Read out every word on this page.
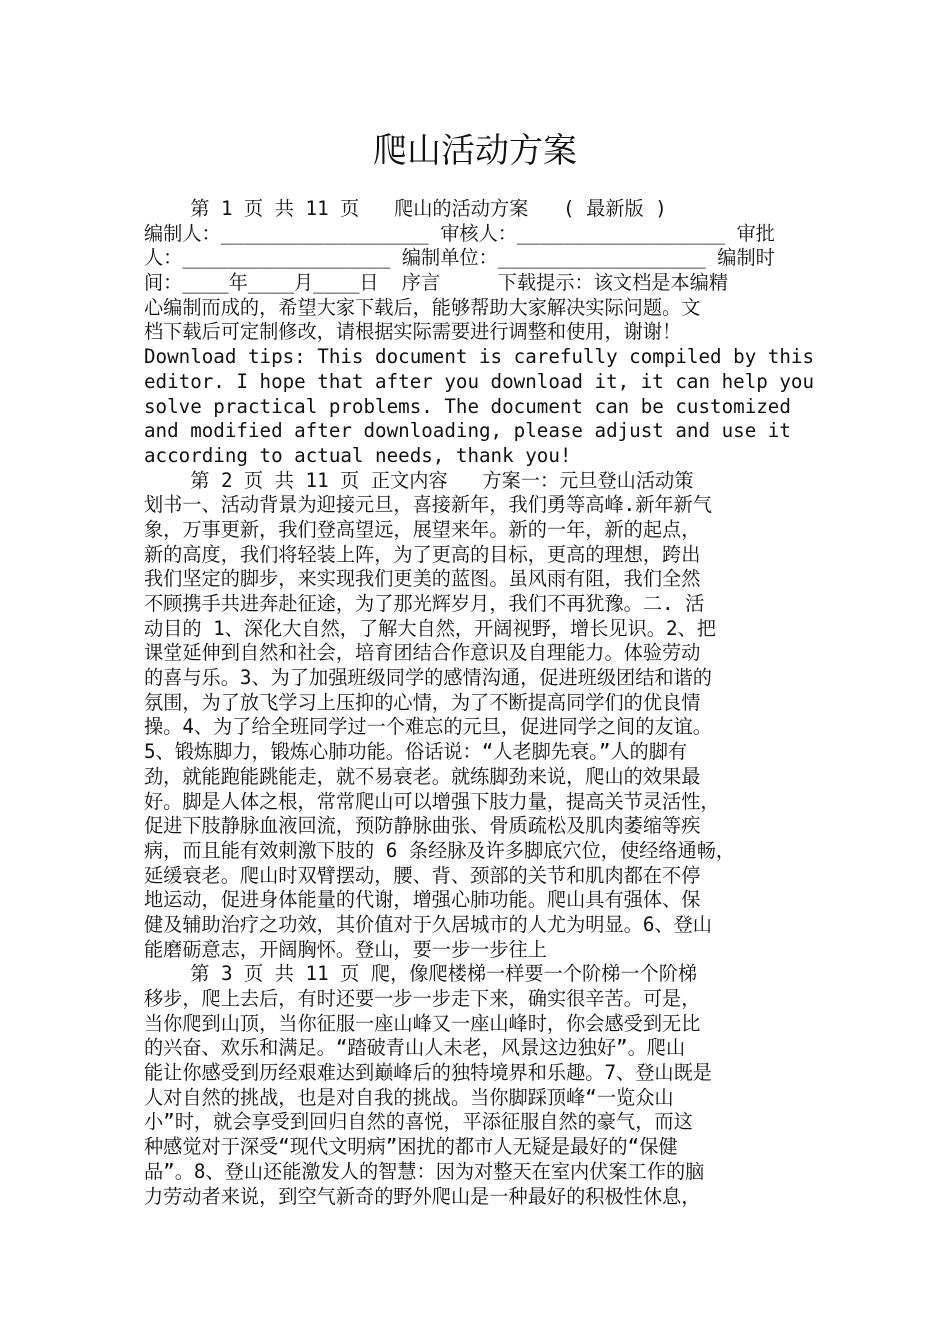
爬山活动方案
第 1 页 共 11 页   爬山的活动方案   ( 最新版 )
编制人：__________________ 审核人：__________________ 审批
人：__________________ 编制单位：__________________ 编制时
间：____年____月____日  序言     下载提示：该文档是本编精
心编制而成的，希望大家下载后，能够帮助大家解决实际问题。文
档下载后可定制修改，请根据实际需要进行调整和使用，谢谢！
Download tips: This document is carefully compiled by this
editor. I hope that after you download it, it can help you
solve practical problems. The document can be customized
and modified after downloading, please adjust and use it
according to actual needs, thank you!
第 2 页 共 11 页 正文内容   方案一：元旦登山活动策
划书一、活动背景为迎接元旦，喜接新年，我们勇等高峰.新年新气
象，万事更新，我们登高望远，展望来年。新的一年，新的起点，
新的高度，我们将轻装上阵，为了更高的目标，更高的理想，跨出
我们坚定的脚步，来实现我们更美的蓝图。虽风雨有阻，我们全然
不顾携手共进奔赴征途，为了那光辉岁月，我们不再犹豫。二. 活
动目的 1、深化大自然，了解大自然，开阔视野，增长见识。2、把
课堂延伸到自然和社会，培育团结合作意识及自理能力。体验劳动
的喜与乐。3、为了加强班级同学的感情沟通，促进班级团结和谐的
氛围，为了放飞学习上压抑的心情，为了不断提高同学们的优良情
操。4、为了给全班同学过一个难忘的元旦，促进同学之间的友谊。
5、锻炼脚力，锻炼心肺功能。俗话说：“人老脚先衰。”人的脚有
劲，就能跑能跳能走，就不易衰老。就练脚劲来说，爬山的效果最
好。脚是人体之根，常常爬山可以增强下肢力量，提高关节灵活性，
促进下肢静脉血液回流，预防静脉曲张、骨质疏松及肌肉萎缩等疾
病，而且能有效刺激下肢的 6 条经脉及许多脚底穴位，使经络通畅，
延缓衰老。爬山时双臂摆动，腰、背、颈部的关节和肌肉都在不停
地运动，促进身体能量的代谢，增强心肺功能。爬山具有强体、保
健及辅助治疗之功效，其价值对于久居城市的人尤为明显。6、登山
能磨砺意志，开阔胸怀。登山，要一步一步往上
第 3 页 共 11 页 爬，像爬楼梯一样要一个阶梯一个阶梯
移步，爬上去后，有时还要一步一步走下来，确实很辛苦。可是，
当你爬到山顶，当你征服一座山峰又一座山峰时，你会感受到无比
的兴奋、欢乐和满足。“踏破青山人未老，风景这边独好”。爬山
能让你感受到历经艰难达到巅峰后的独特境界和乐趣。7、登山既是
人对自然的挑战，也是对自我的挑战。当你脚踩顶峰“一览众山
小”时，就会享受到回归自然的喜悦，平添征服自然的豪气，而这
种感觉对于深受“现代文明病”困扰的都市人无疑是最好的“保健
品”。8、登山还能激发人的智慧：因为对整天在室内伏案工作的脑
力劳动者来说，到空气新奇的野外爬山是一种最好的积极性休息，
